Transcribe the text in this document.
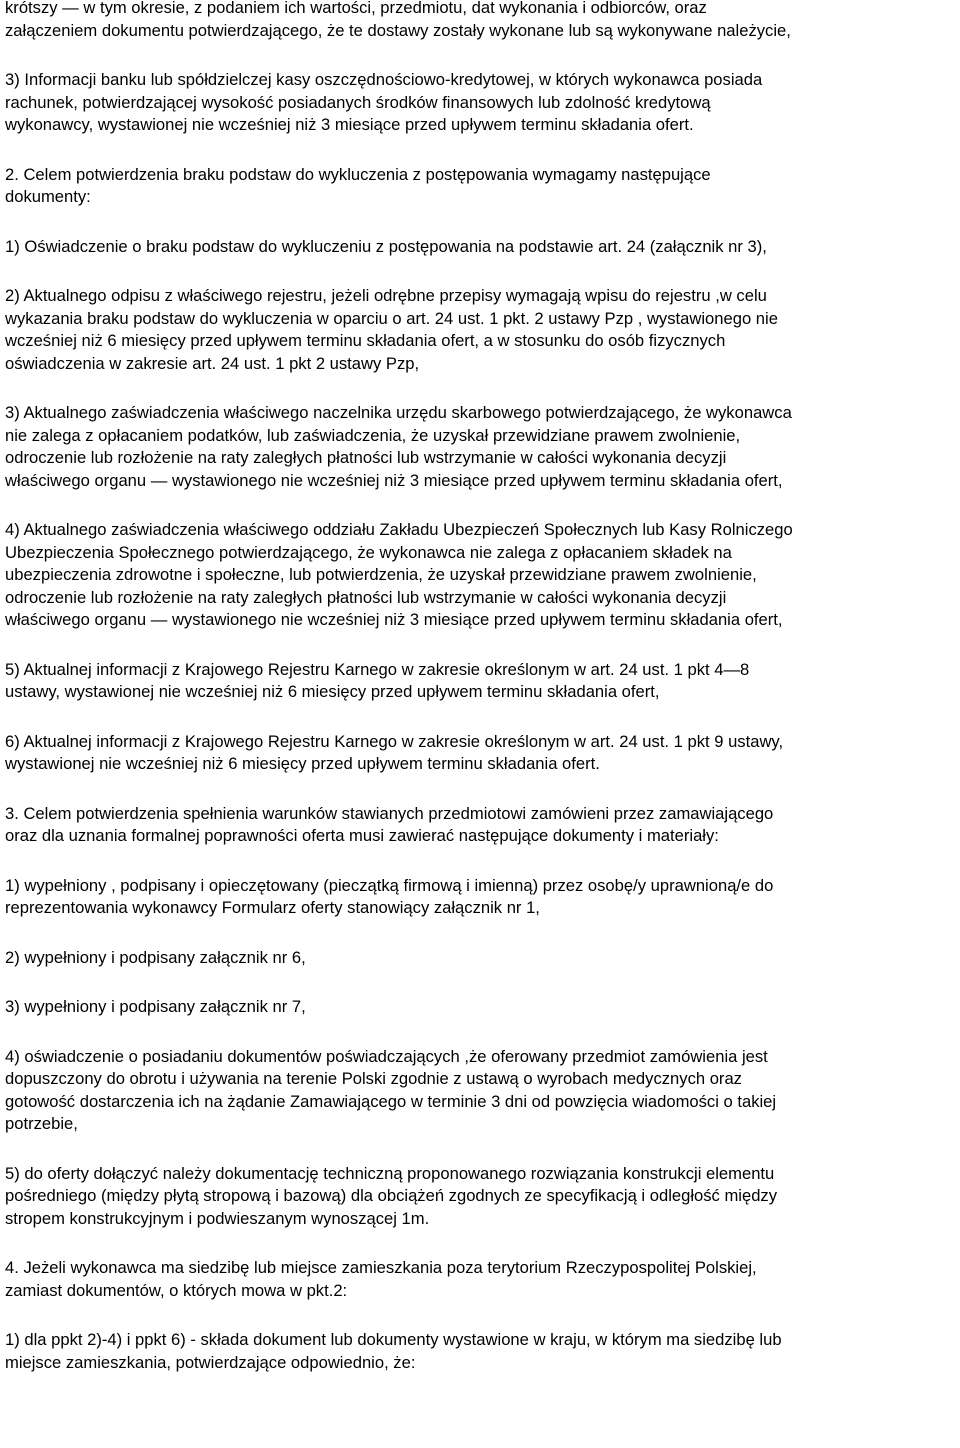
krótszy — w tym okresie, z podaniem ich wartości, przedmiotu, dat wykonania i odbiorców, oraz
załączeniem dokumentu potwierdzającego, że te dostawy zostały wykonane lub są wykonywane należycie,
3) Informacji banku lub spółdzielczej kasy oszczędnościowo-kredytowej, w których wykonawca posiada
rachunek, potwierdzającej wysokość posiadanych środków finansowych lub zdolność kredytową
wykonawcy, wystawionej nie wcześniej niż 3 miesiące przed upływem terminu składania ofert.
2. Celem potwierdzenia braku podstaw do wykluczenia z postępowania wymagamy następujące
dokumenty:
1) Oświadczenie o braku podstaw do wykluczeniu z postępowania na podstawie art. 24 (załącznik nr 3),
2) Aktualnego odpisu z właściwego rejestru, jeżeli odrębne przepisy wymagają wpisu do rejestru ,w celu
wykazania braku podstaw do wykluczenia w oparciu o art. 24 ust. 1 pkt. 2 ustawy Pzp , wystawionego nie
wcześniej niż 6 miesięcy przed upływem terminu składania ofert, a w stosunku do osób fizycznych
oświadczenia w zakresie art. 24 ust. 1 pkt 2 ustawy Pzp,
3) Aktualnego zaświadczenia właściwego naczelnika urzędu skarbowego potwierdzającego, że wykonawca
nie zalega z opłacaniem podatków, lub zaświadczenia, że uzyskał przewidziane prawem zwolnienie,
odroczenie lub rozłożenie na raty zaległych płatności lub wstrzymanie w całości wykonania decyzji
właściwego organu — wystawionego nie wcześniej niż 3 miesiące przed upływem terminu składania ofert,
4) Aktualnego zaświadczenia właściwego oddziału Zakładu Ubezpieczeń Społecznych lub Kasy Rolniczego
Ubezpieczenia Społecznego potwierdzającego, że wykonawca nie zalega z opłacaniem składek na
ubezpieczenia zdrowotne i społeczne, lub potwierdzenia, że uzyskał przewidziane prawem zwolnienie,
odroczenie lub rozłożenie na raty zaległych płatności lub wstrzymanie w całości wykonania decyzji
właściwego organu — wystawionego nie wcześniej niż 3 miesiące przed upływem terminu składania ofert,
5) Aktualnej informacji z Krajowego Rejestru Karnego w zakresie określonym w art. 24 ust. 1 pkt 4—8
ustawy, wystawionej nie wcześniej niż 6 miesięcy przed upływem terminu składania ofert,
6) Aktualnej informacji z Krajowego Rejestru Karnego w zakresie określonym w art. 24 ust. 1 pkt 9 ustawy,
wystawionej nie wcześniej niż 6 miesięcy przed upływem terminu składania ofert.
3. Celem potwierdzenia spełnienia warunków stawianych przedmiotowi zamówieni przez zamawiającego
oraz dla uznania formalnej poprawności oferta musi zawierać następujące dokumenty i materiały:
1) wypełniony , podpisany i opieczętowany (pieczątką firmową i imienną) przez osobę/y uprawnioną/e do
reprezentowania wykonawcy Formularz oferty stanowiący załącznik nr 1,
2) wypełniony i podpisany załącznik nr 6,
3) wypełniony i podpisany załącznik nr 7,
4) oświadczenie o posiadaniu dokumentów poświadczających ,że oferowany przedmiot zamówienia jest
dopuszczony do obrotu i używania na terenie Polski zgodnie z ustawą o wyrobach medycznych oraz
gotowość dostarczenia ich na żądanie Zamawiającego w terminie 3 dni od powzięcia wiadomości o takiej
potrzebie,
5) do oferty dołączyć należy dokumentację techniczną proponowanego rozwiązania konstrukcji elementu
pośredniego (między płytą stropową i bazową) dla obciążeń zgodnych ze specyfikacją i odległość między
stropem konstrukcyjnym i podwieszanym wynoszącej 1m.
4. Jeżeli wykonawca ma siedzibę lub miejsce zamieszkania poza terytorium Rzeczypospolitej Polskiej,
zamiast dokumentów, o których mowa w pkt.2:
1) dla ppkt 2)-4) i ppkt 6) - składa dokument lub dokumenty wystawione w kraju, w którym ma siedzibę lub
miejsce zamieszkania, potwierdzające odpowiednio, że:
